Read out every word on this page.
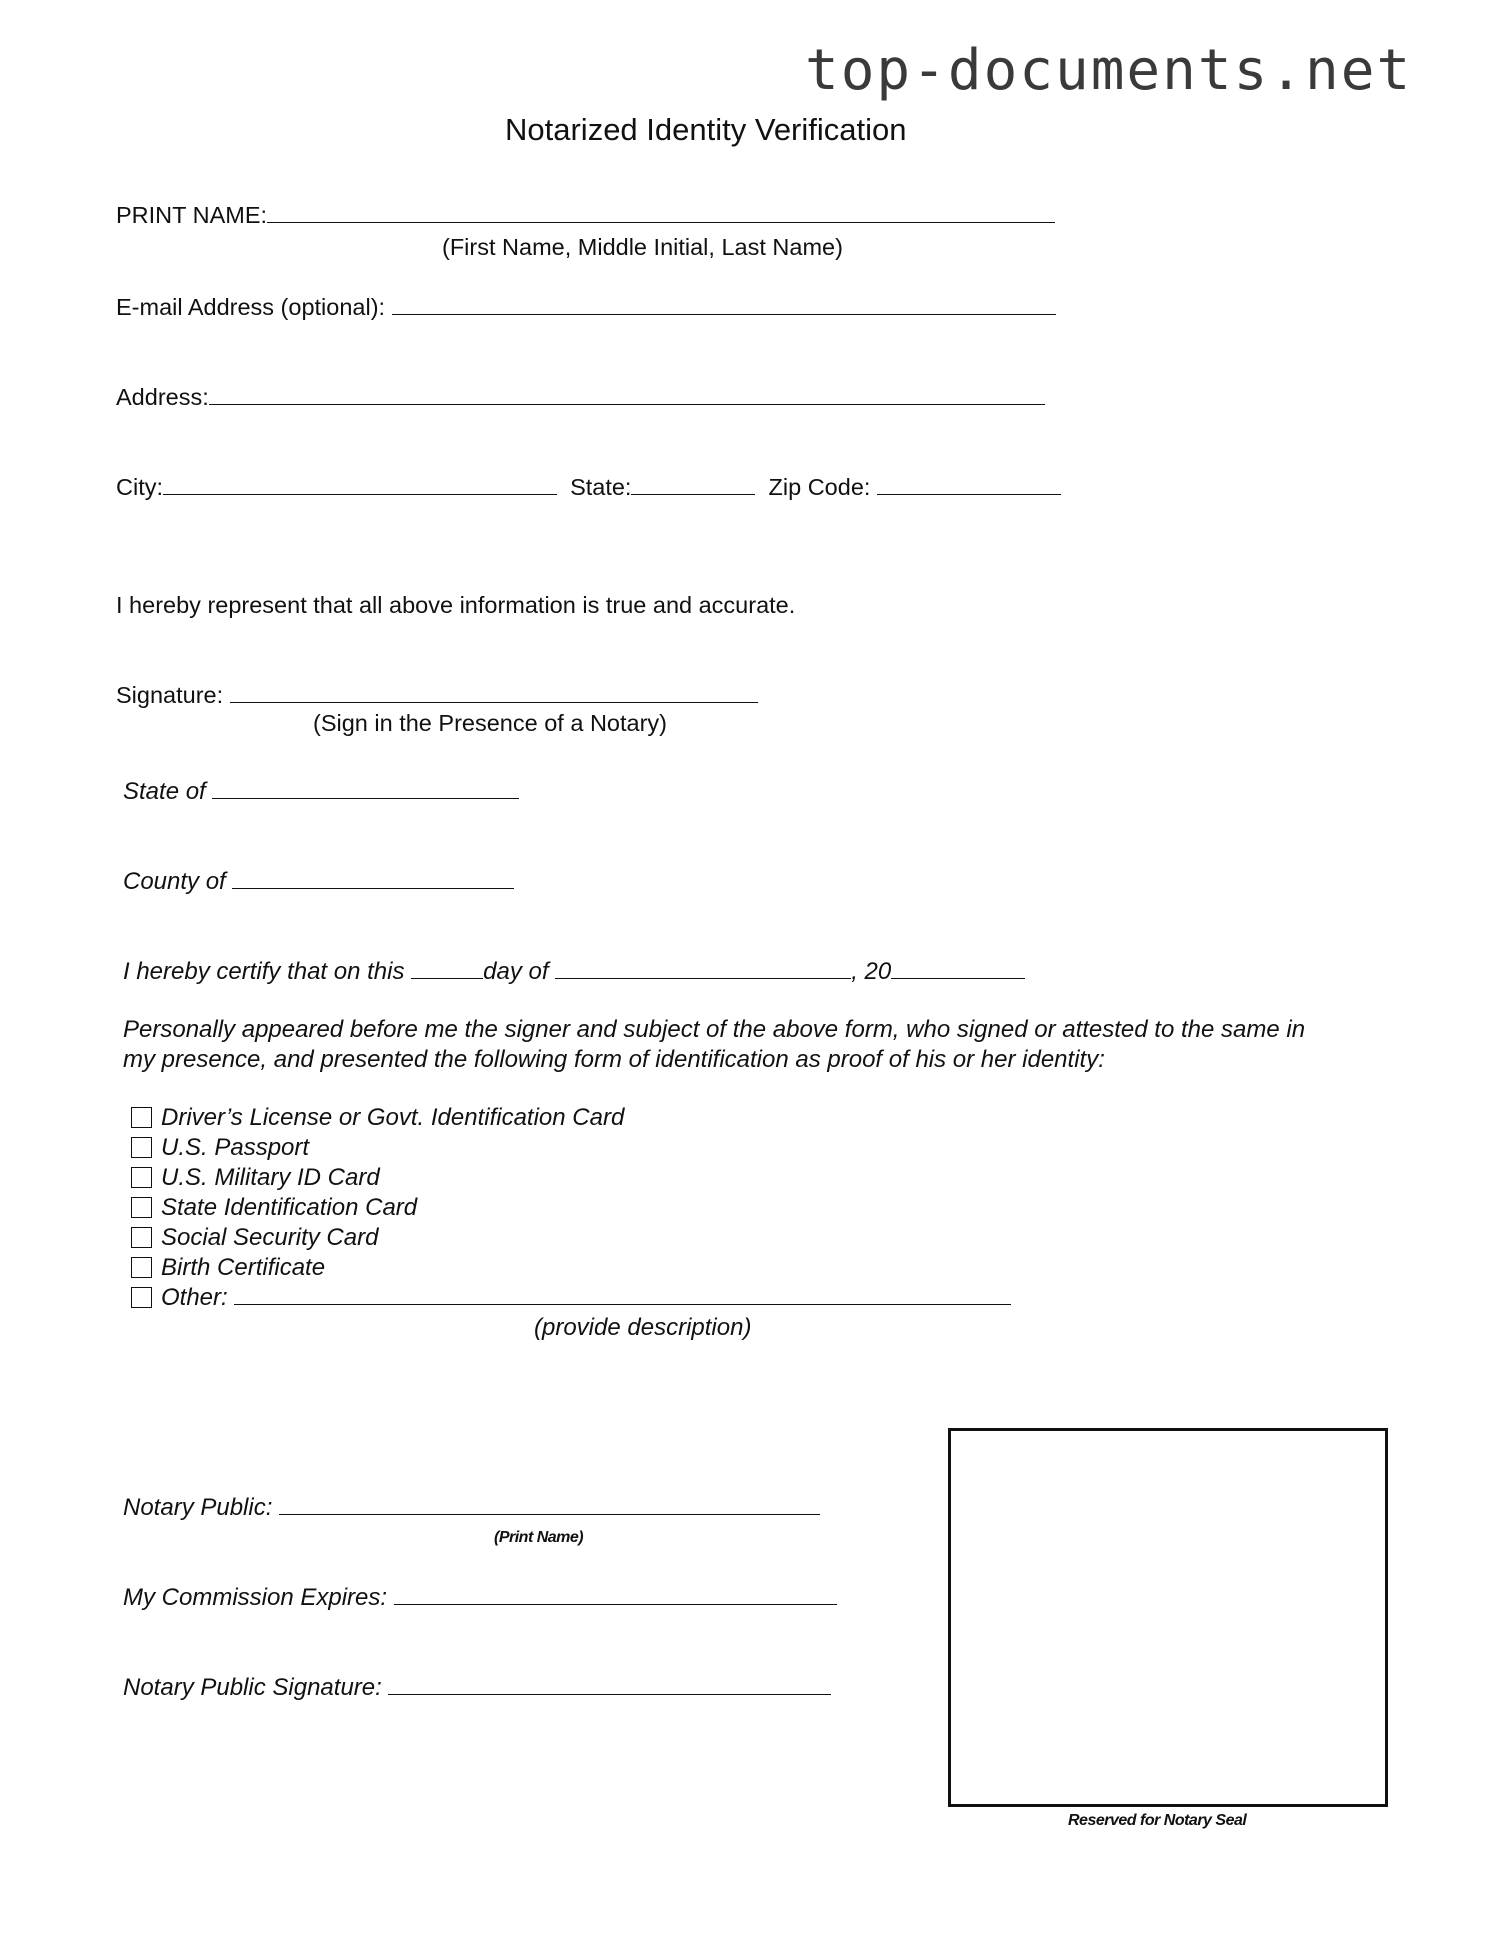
top-documents.net
Notarized Identity Verification
PRINT NAME:
(First Name, Middle Initial, Last Name)
E-mail Address (optional):
Address:
City:	State:	Zip Code:
I hereby represent that all above information is true and accurate.
Signature:
(Sign in the Presence of a Notary)
State of
County of
I hereby certify that on this	day of	, 20
Personally appeared before me the signer and subject of the above form, who signed or attested to the same in
my presence, and presented the following form of identification as proof of his or her identity:
Driver’s License or Govt. Identification Card
U.S. Passport
U.S. Military ID Card
State Identification Card
Social Security Card
Birth Certificate
Other:
(provide description)
Notary Public:
(Print Name)
My Commission Expires:
Notary Public Signature:
Reserved for Notary Seal
